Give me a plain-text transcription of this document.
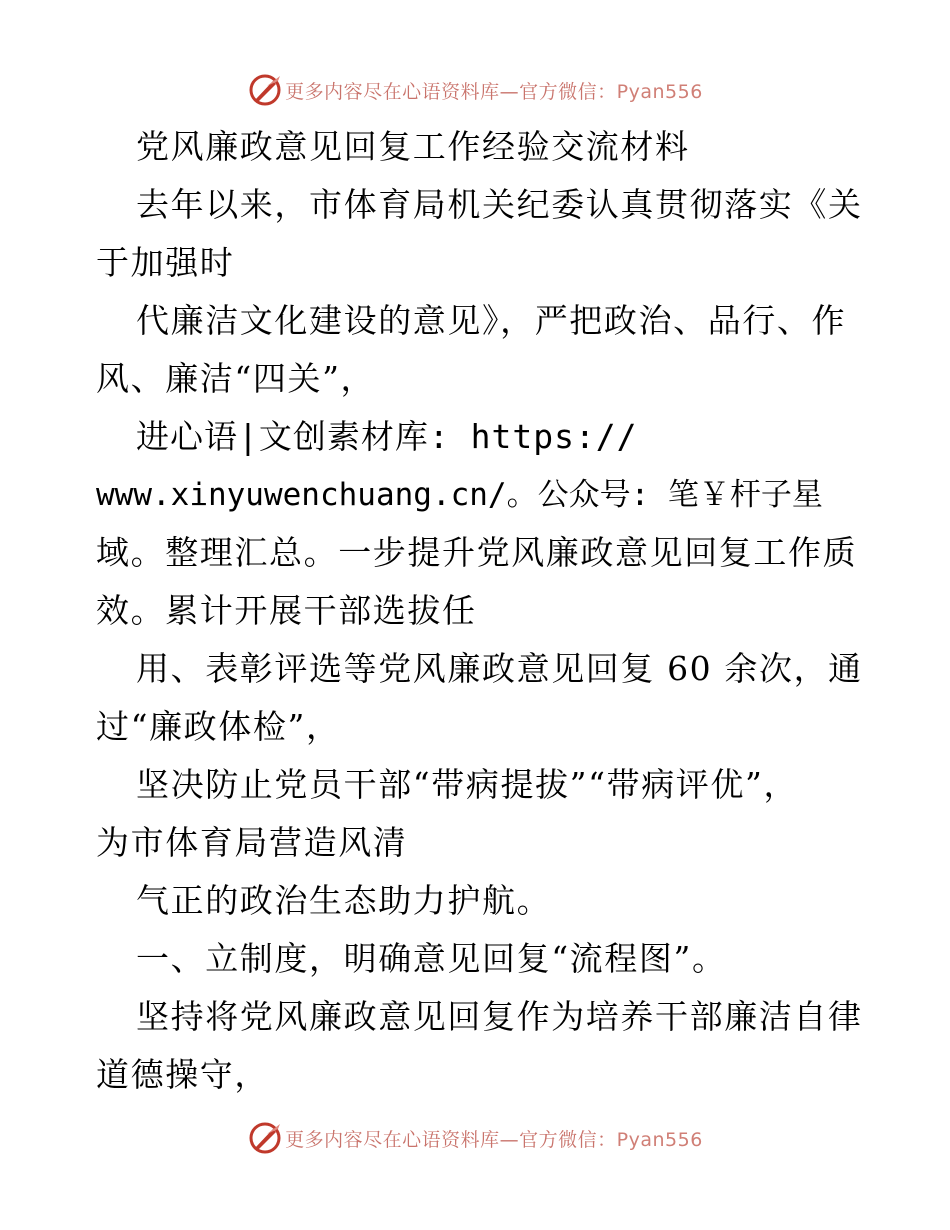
更多内容尽在心语资料库—官方微信：Pyan556
党风廉政意见回复工作经验交流材料
去年以来，市体育局机关纪委认真贯彻落实《关
于加强时
代廉洁文化建设的意见》，严把政治、品行、作
风、廉洁“四关”，
进心语|文创素材库: https://
www.xinyuwenchuang.cn/。公众号: 笔￥杆子星
域。整理汇总。一步提升党风廉政意见回复工作质
效。累计开展干部选拔任
用、表彰评选等党风廉政意见回复 60 余次，通
过“廉政体检”，
坚决防止党员干部“带病提拔”“带病评优”，
为市体育局营造风清
气正的政治生态助力护航。
一、立制度，明确意见回复“流程图”。
坚持将党风廉政意见回复作为培养干部廉洁自律
道德操守，
更多内容尽在心语资料库—官方微信：Pyan556
